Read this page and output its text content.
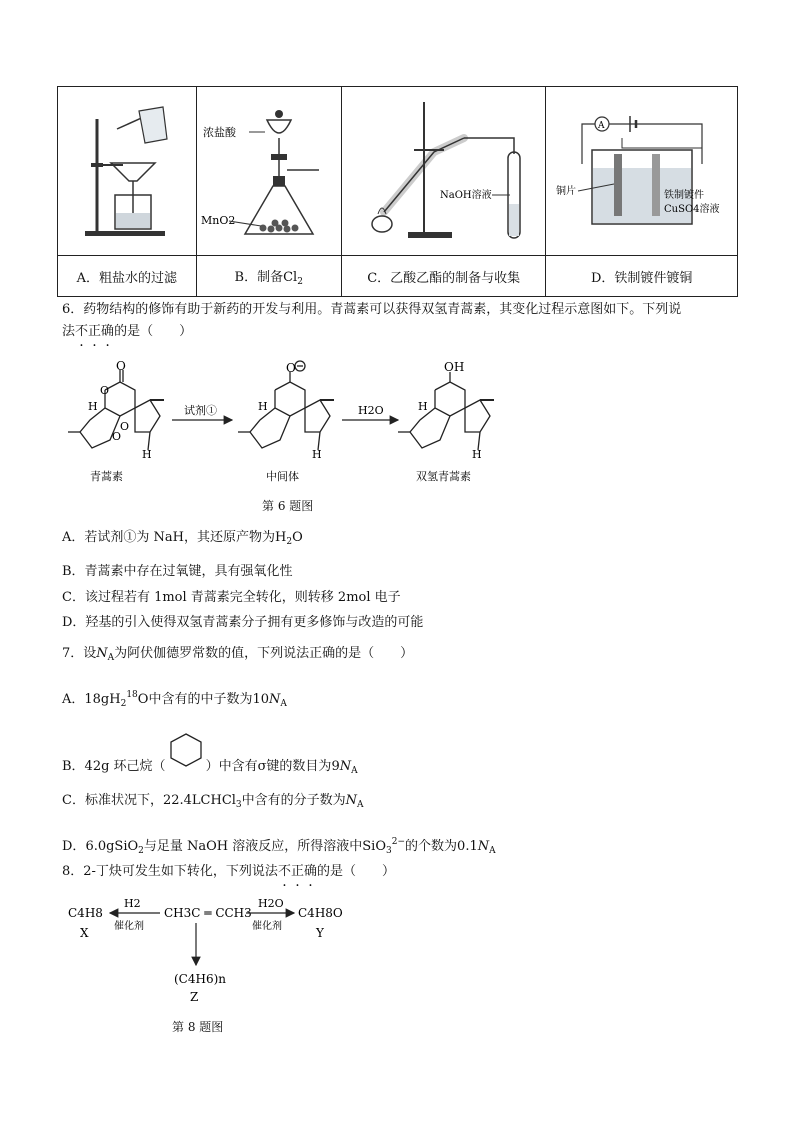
浓盐酸
MnO2	NaOH溶液	A
铜片 铁制镀件
CuSO4溶液

A．粗盐水的过滤	B．制备$Cl_2$	C．乙酸乙酯的制备与收集	D．铁制镀件镀铜
6．药物结构的修饰有助于新药的开发与利用。青蒿素可以获得双氢青蒿素，其变化过程示意图如下。下列说
法不正确的是（　　）
O
O
H
O
O
H
青蒿素
试剂①
O
H
H
中间体
H2O
OH
H
H
双氢青蒿素
第 6 题图
A．若试剂①为 NaH，其还原产物为$H_2O$
B．青蒿素中存在过氧键，具有强氧化性
C．该过程若有 1mol 青蒿素完全转化，则转移 2mol 电子
D．羟基的引入使得双氢青蒿素分子拥有更多修饰与改造的可能
7．设$N_A$为阿伏伽德罗常数的值，下列说法正确的是（　　）
A．$18gH_2^{18}O$中含有的中子数为$10N_A$
B．42g 环己烷（	）中含有σ键的数目为$9N_A$
C．标准状况下，22.4LCHCl$_3$中含有的分子数为$N_A$
D．6.0gSiO$_2$与足量 NaOH 溶液反应，所得溶液中SiO$_3^{2-}$的个数为$0.1N_A$
8．2-丁炔可发生如下转化，下列说法不正确的是（　　）
C4H8
X
H2
催化剂
CH3C ═ CCH3
H2O
催化剂
C4H8O
Y
(C4H6)n
Z
第 8 题图
